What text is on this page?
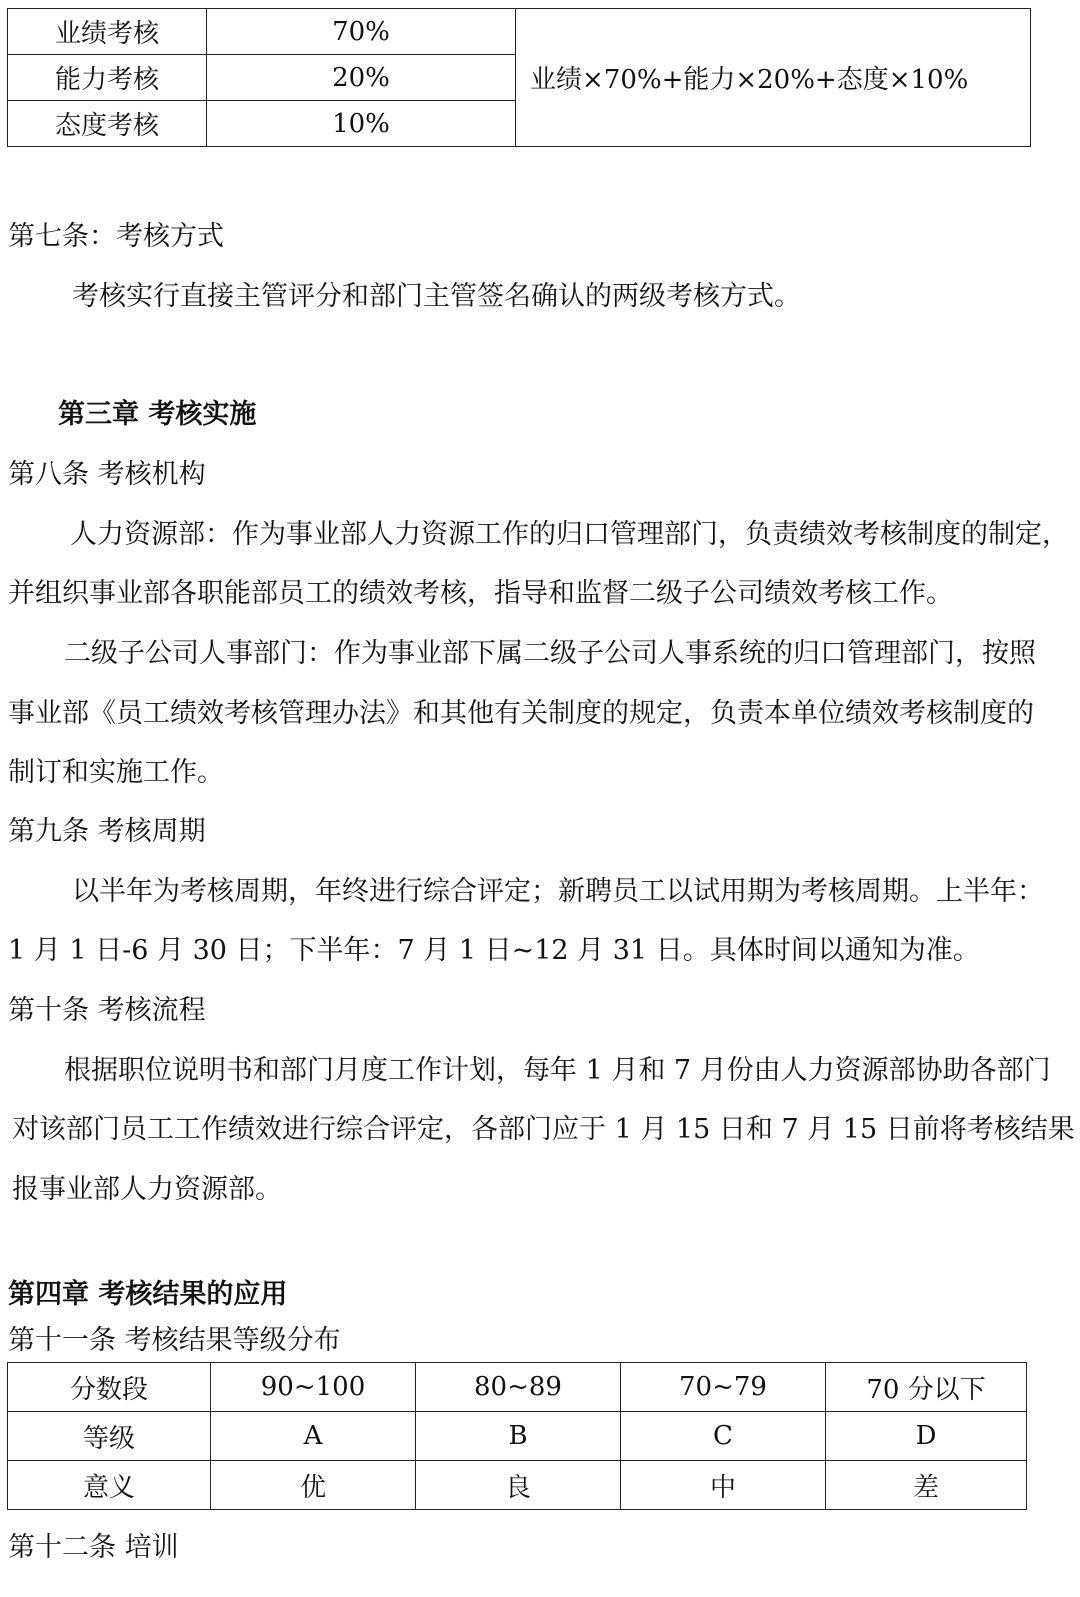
业绩考核	70%	业绩×70%+能力×20%+态度×10%
能力考核	20%	
态度考核	10%	
第七条：考核方式
考核实行直接主管评分和部门主管签名确认的两级考核方式。
第三章 考核实施
第八条 考核机构
人力资源部：作为事业部人力资源工作的归口管理部门，负责绩效考核制度的制定，
并组织事业部各职能部员工的绩效考核，指导和监督二级子公司绩效考核工作。
二级子公司人事部门：作为事业部下属二级子公司人事系统的归口管理部门，按照
事业部《员工绩效考核管理办法》和其他有关制度的规定，负责本单位绩效考核制度的
制订和实施工作。
第九条 考核周期
以半年为考核周期，年终进行综合评定；新聘员工以试用期为考核周期。上半年：
1 月 1 日-6 月 30 日；下半年：7 月 1 日~12 月 31 日。具体时间以通知为准。
第十条 考核流程
根据职位说明书和部门月度工作计划，每年 1 月和 7 月份由人力资源部协助各部门
对该部门员工工作绩效进行综合评定，各部门应于 1 月 15 日和 7 月 15 日前将考核结果
报事业部人力资源部。
第四章 考核结果的应用
第十一条 考核结果等级分布
分数段	90~100	80~89	70~79	70 分以下
等级	A	B	C	D
意义	优	良	中	差
第十二条 培训
